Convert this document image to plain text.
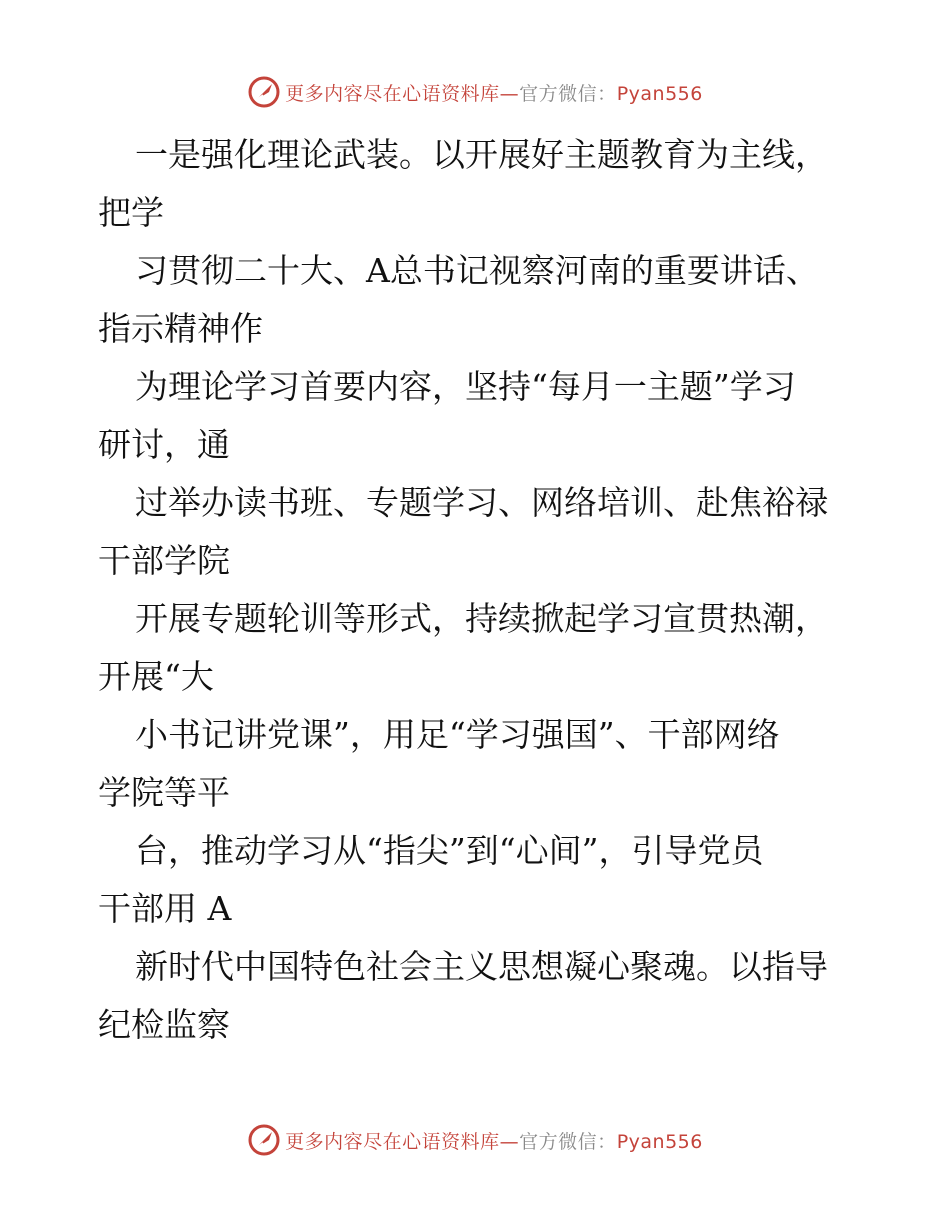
更多内容尽在心语资料库—官方微信：Pyan556
一是强化理论武装。以开展好主题教育为主线，
把学
习贯彻二十大、A总书记视察河南的重要讲话、
指示精神作
为理论学习首要内容，坚持“每月一主题”学习
研讨，通
过举办读书班、专题学习、网络培训、赴焦裕禄
干部学院
开展专题轮训等形式，持续掀起学习宣贯热潮，
开展“大
小书记讲党课”，用足“学习强国”、干部网络
学院等平
台，推动学习从“指尖”到“心间”，引导党员
干部用 A
新时代中国特色社会主义思想凝心聚魂。以指导
纪检监察
更多内容尽在心语资料库—官方微信：Pyan556
